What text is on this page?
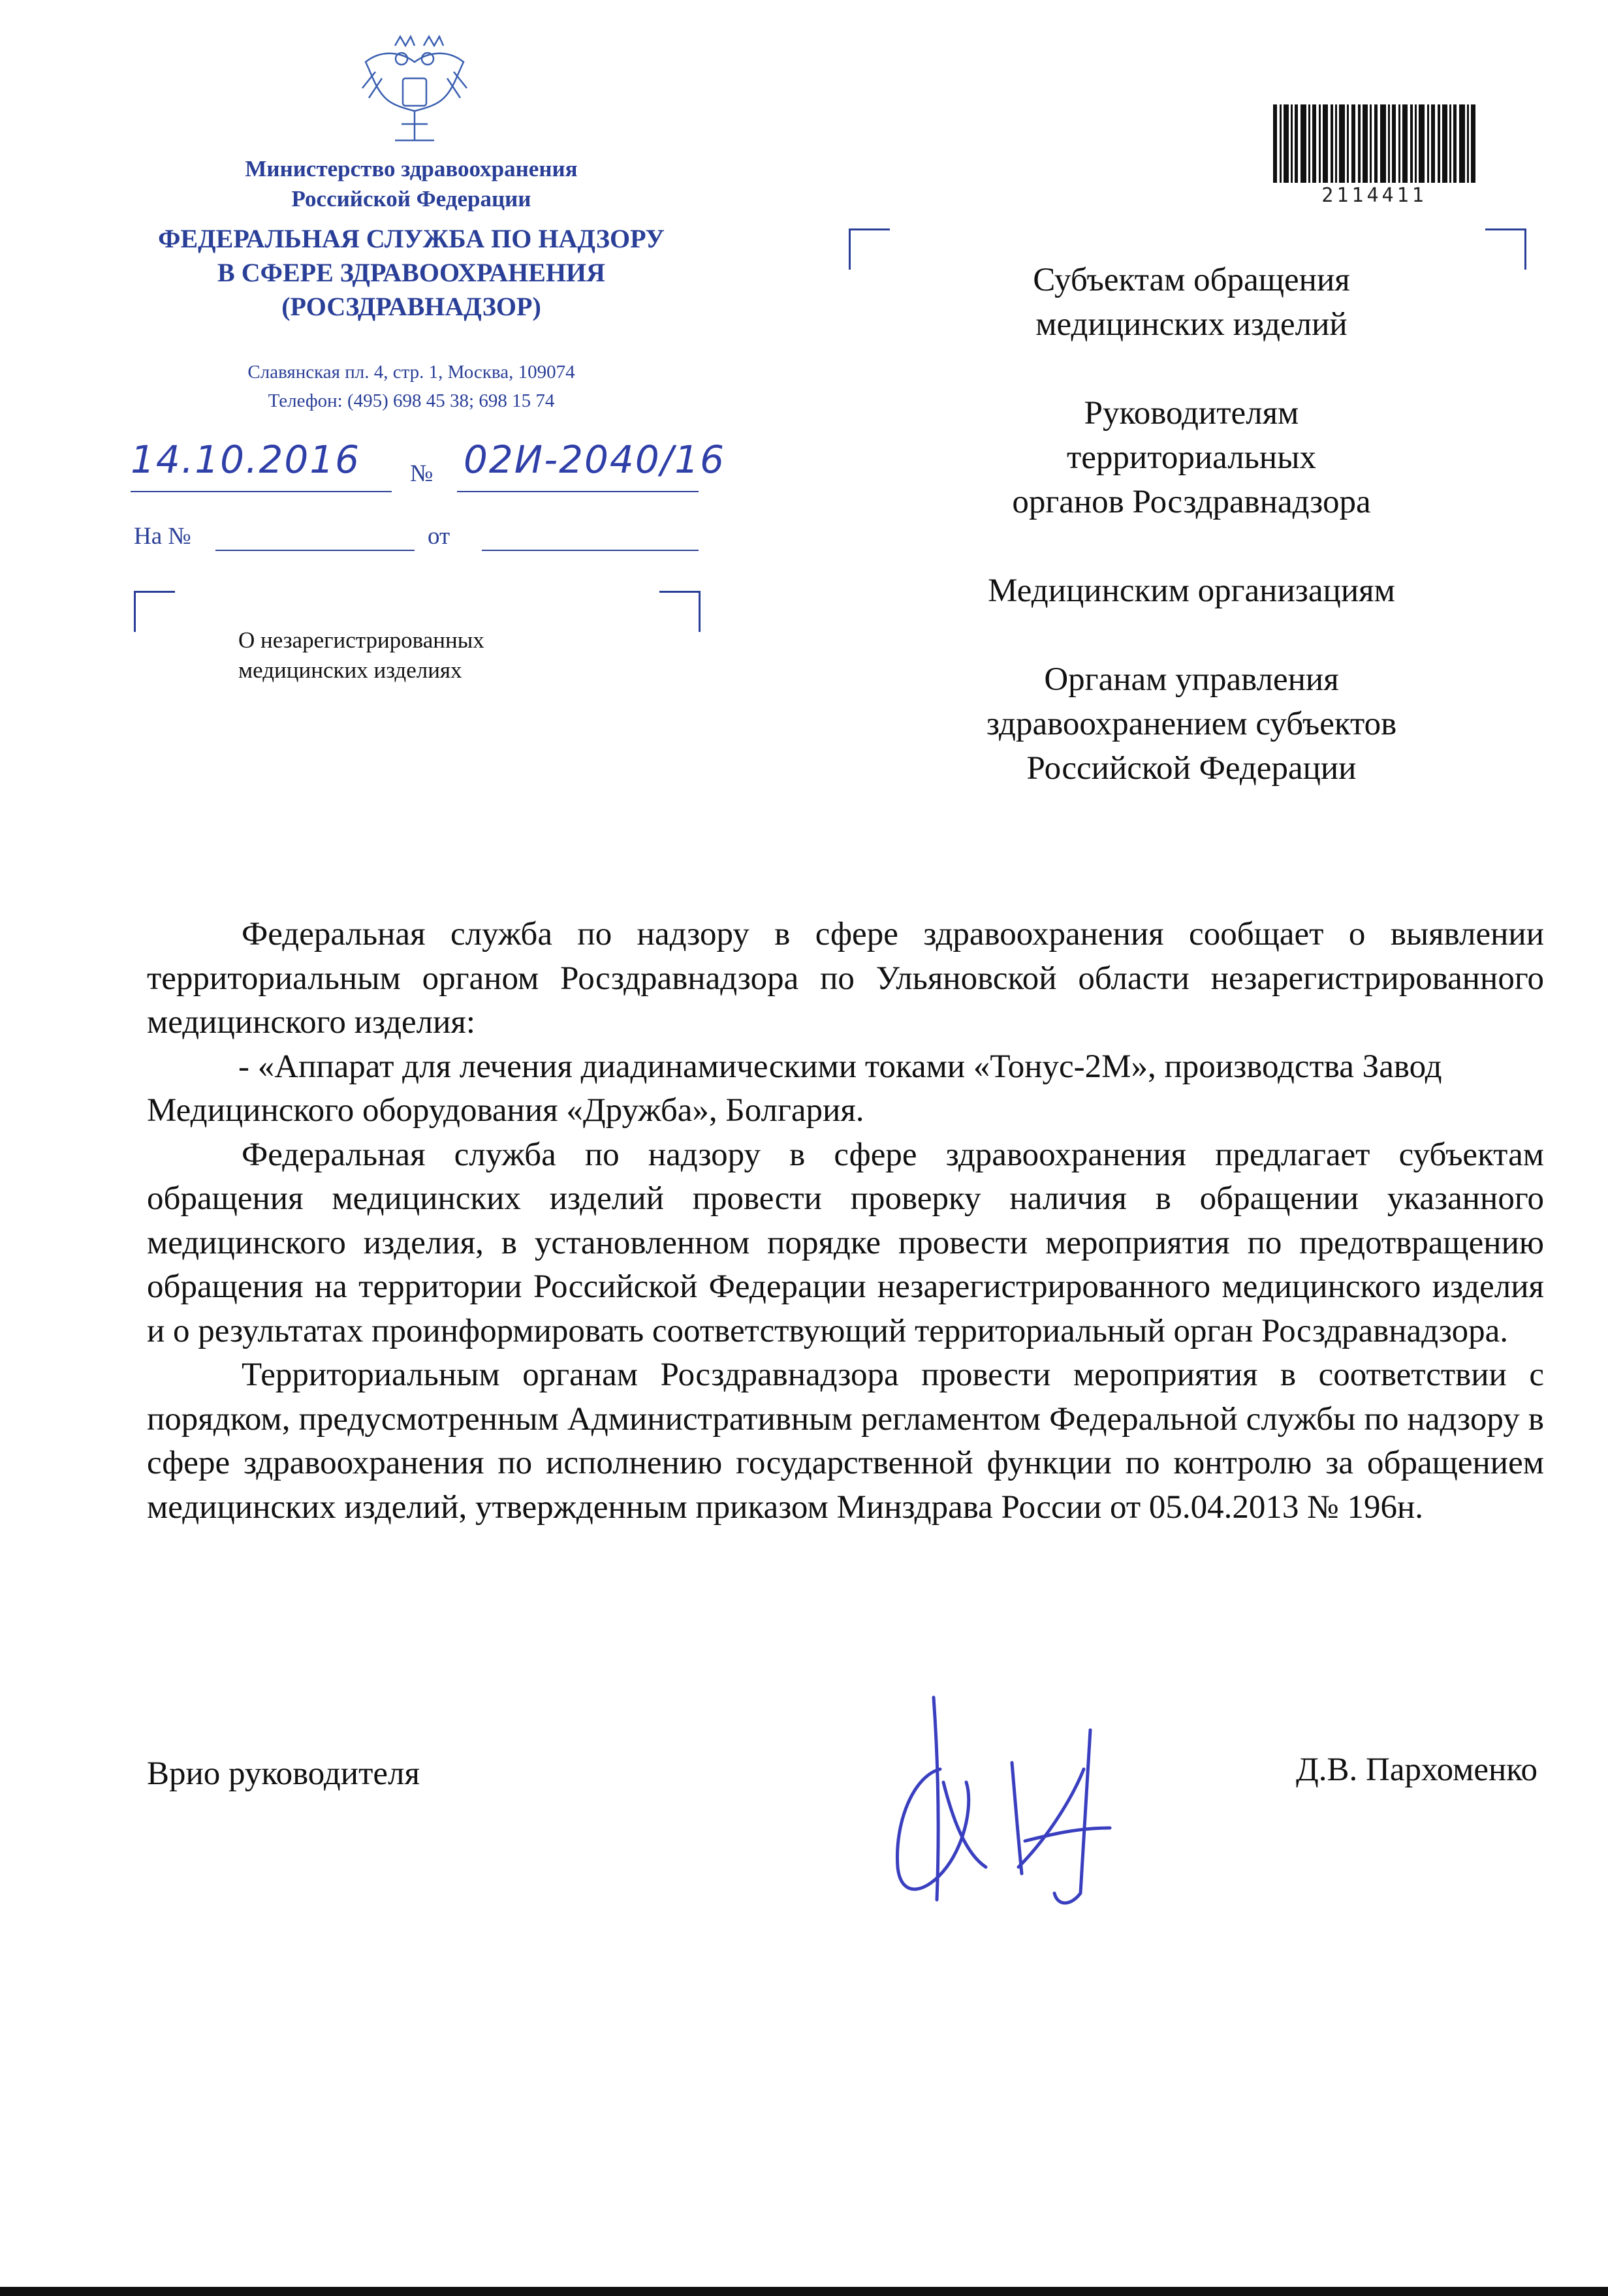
Министерство здравоохранения
Российской Федерации
ФЕДЕРАЛЬНАЯ СЛУЖБА ПО НАДЗОРУ
В СФЕРЕ ЗДРАВООХРАНЕНИЯ
(РОСЗДРАВНАДЗОР)
Славянская пл. 4, стр. 1, Москва, 109074
Телефон: (495) 698 45 38; 698 15 74
14.10.2016 № 02И-2040/16
На №	от
О незарегистрированных
медицинских изделиях
2114411
Субъектам обращения
медицинских изделий
Руководителям
территориальных
органов Росздравнадзора
Медицинским организациям
Органам управления
здравоохранением субъектов
Российской Федерации

Федеральная служба по надзору в сфере здравоохранения сообщает о выявлении территориальным органом Росздравнадзора по Ульяновской области незарегистрированного медицинского изделия:

- «Аппарат для лечения диадинамическими токами «Тонус-2М», производства Завод Медицинского оборудования «Дружба», Болгария.

Федеральная служба по надзору в сфере здравоохранения предлагает субъектам обращения медицинских изделий провести проверку наличия в обращении указанного медицинского изделия, в установленном порядке провести мероприятия по предотвращению обращения на территории Российской Федерации незарегистрированного медицинского изделия и о результатах проинформировать соответствующий территориальный орган Росздравнадзора.

Территориальным органам Росздравнадзора провести мероприятия в соответствии с порядком, предусмотренным Административным регламентом Федеральной службы по надзору в сфере здравоохранения по исполнению государственной функции по контролю за обращением медицинских изделий, утвержденным приказом Минздрава России от 05.04.2013 № 196н.

Врио руководителя	Д.В. Пархоменко
